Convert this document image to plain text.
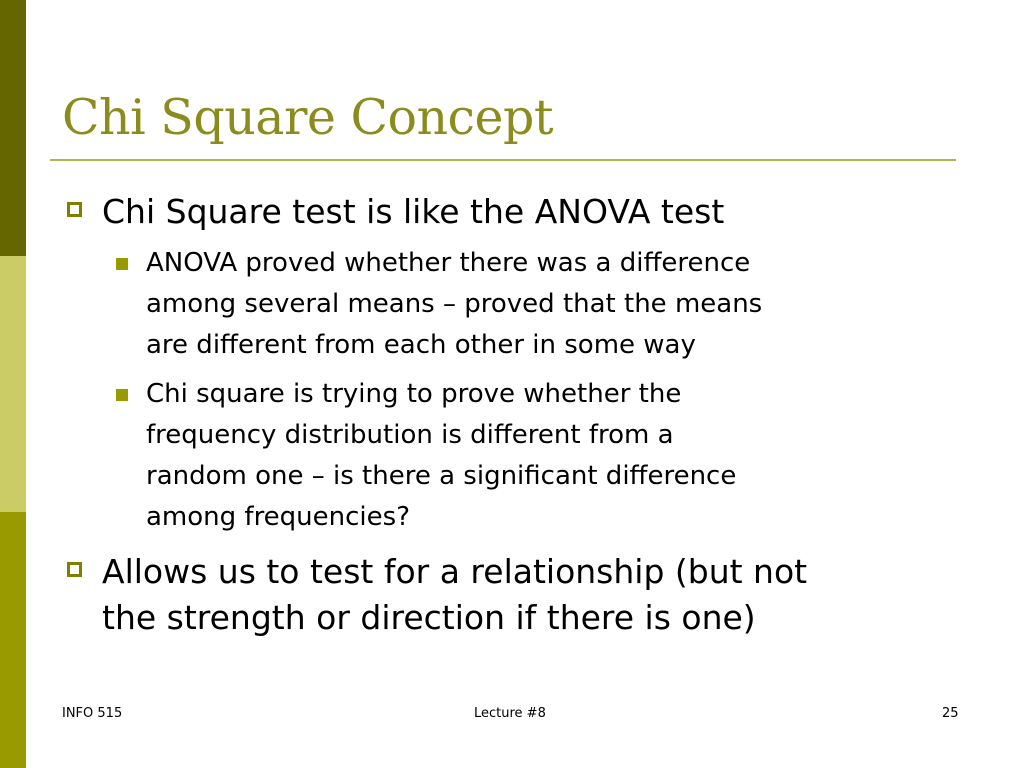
Chi Square Concept
Chi Square test is like the ANOVA test
ANOVA proved whether there was a difference
among several means – proved that the means
are different from each other in some way
Chi square is trying to prove whether the
frequency distribution is different from a
random one – is there a significant difference
among frequencies?
Allows us to test for a relationship (but not
the strength or direction if there is one)
INFO 515	Lecture #8	25
